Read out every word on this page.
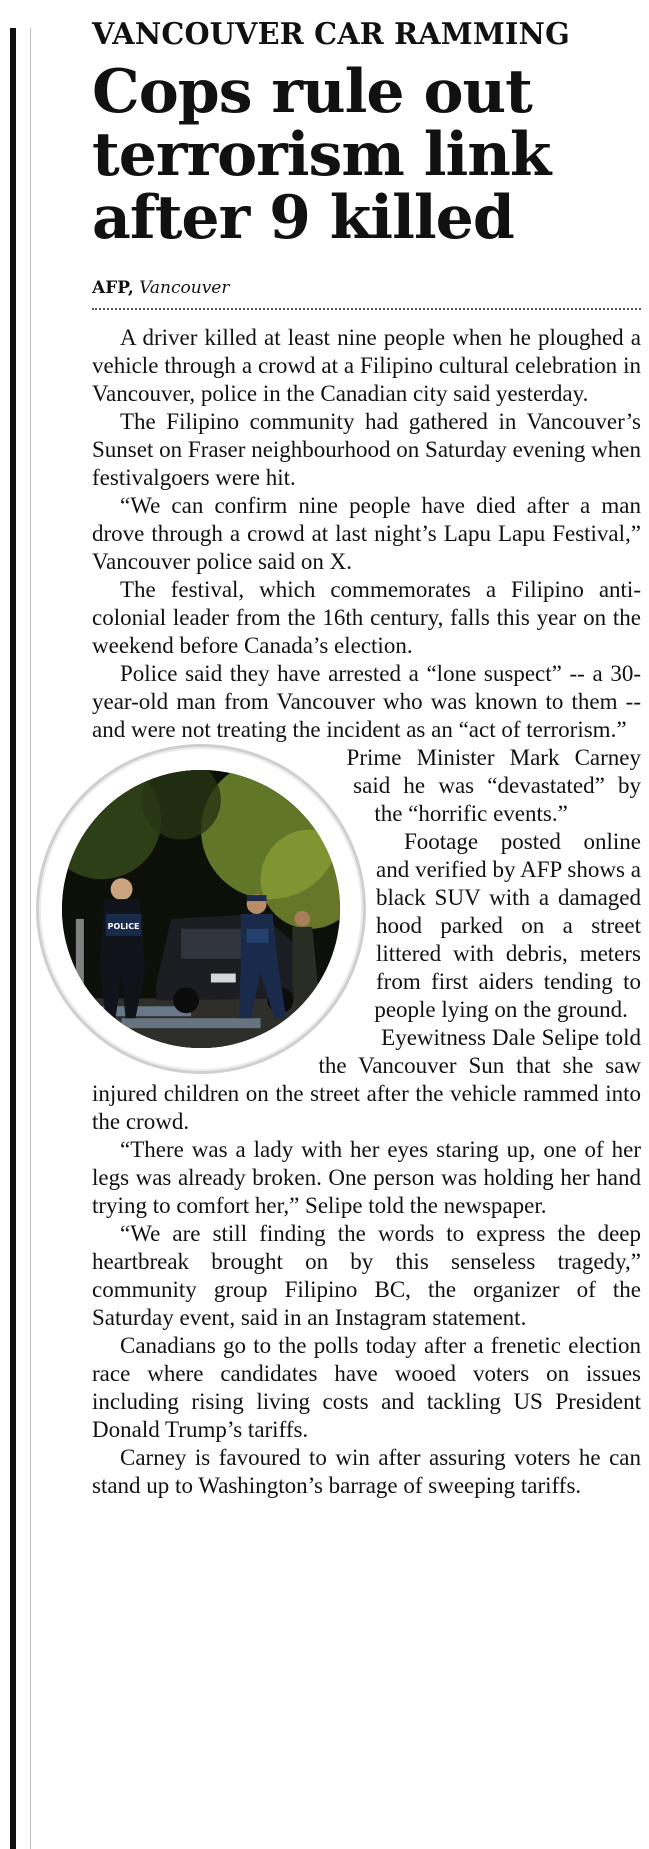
VANCOUVER CAR RAMMING
Cops rule out terrorism link after 9 killed
AFP, Vancouver

A driver killed at least nine people when he ploughed a vehicle through a crowd at a Filipino cultural celebration in Vancouver, police in the Canadian city said yesterday.

The Filipino community had gathered in Vancouver’s Sunset on Fraser neighbourhood on Saturday evening when festivalgoers were hit.

“We can confirm nine people have died after a man drove through a crowd at last night’s Lapu Lapu Festival,” Vancouver police said on X.

The festival, which commemorates a Filipino anti-colonial leader from the 16th century, falls this year on the weekend before Canada’s election.

Police said they have arrested a “lone suspect” -- a 30-year-old man from Vancouver who was known to them -- and were not treating the incident as an “act of terrorism.”

POLICE

Prime Minister Mark Carney said he was “devastated” by the “horrific events.”

Footage posted online and verified by AFP shows a black SUV with a damaged hood parked on a street littered with debris, meters from first aiders tending to people lying on the ground.

Eyewitness Dale Selipe told the Vancouver Sun that she saw injured children on the street after the vehicle rammed into the crowd.

“There was a lady with her eyes staring up, one of her legs was already broken. One person was holding her hand trying to comfort her,” Selipe told the newspaper.

“We are still finding the words to express the deep heartbreak brought on by this senseless tragedy,” community group Filipino BC, the organizer of the Saturday event, said in an Instagram statement.

Canadians go to the polls today after a frenetic election race where candidates have wooed voters on issues including rising living costs and tackling US President Donald Trump’s tariffs.

Carney is favoured to win after assuring voters he can stand up to Washington’s barrage of sweeping tariffs.
